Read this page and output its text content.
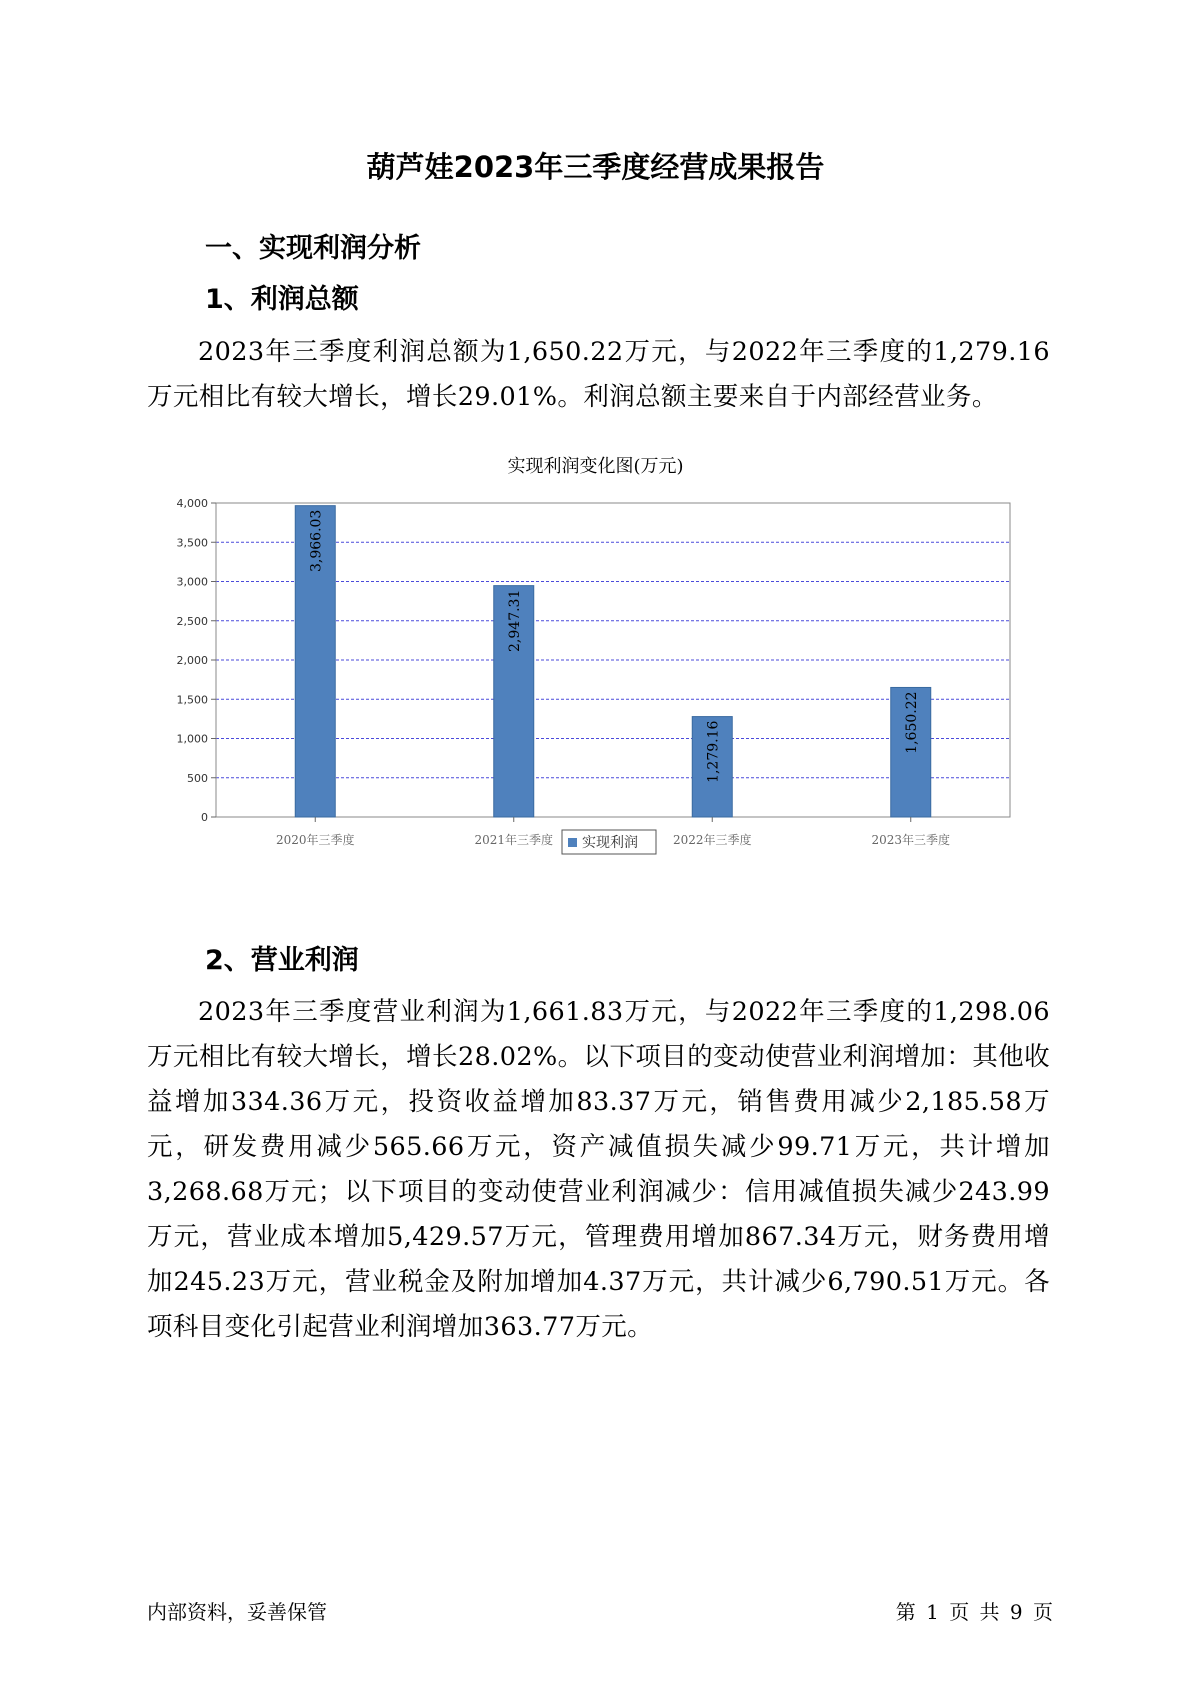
葫芦娃2023年三季度经营成果报告
一、实现利润分析
1、利润总额
2023年三季度利润总额为1,650.22万元，与2022年三季度的1,279.16万元相比有较大增长，增长29.01%。利润总额主要来自于内部经营业务。
实现利润变化图(万元)
0
500
1,000
1,500
2,000
2,500
3,000
3,500
4,000
3,966.03
2,947.31
1,279.16	1,650.22
2020年三季度	2021年三季度	2022年三季度	2023年三季度
实现利润
2、营业利润
2023年三季度营业利润为1,661.83万元，与2022年三季度的1,298.06万元相比有较大增长，增长28.02%。以下项目的变动使营业利润增加：其他收益增加334.36万元，投资收益增加83.37万元，销售费用减少2,185.58万元，研发费用减少565.66万元，资产减值损失减少99.71万元，共计增加3,268.68万元；以下项目的变动使营业利润减少：信用减值损失减少243.99万元，营业成本增加5,429.57万元，管理费用增加867.34万元，财务费用增加245.23万元，营业税金及附加增加4.37万元，共计减少6,790.51万元。各项科目变化引起营业利润增加363.77万元。
内部资料，妥善保管	第 1 页 共 9 页
